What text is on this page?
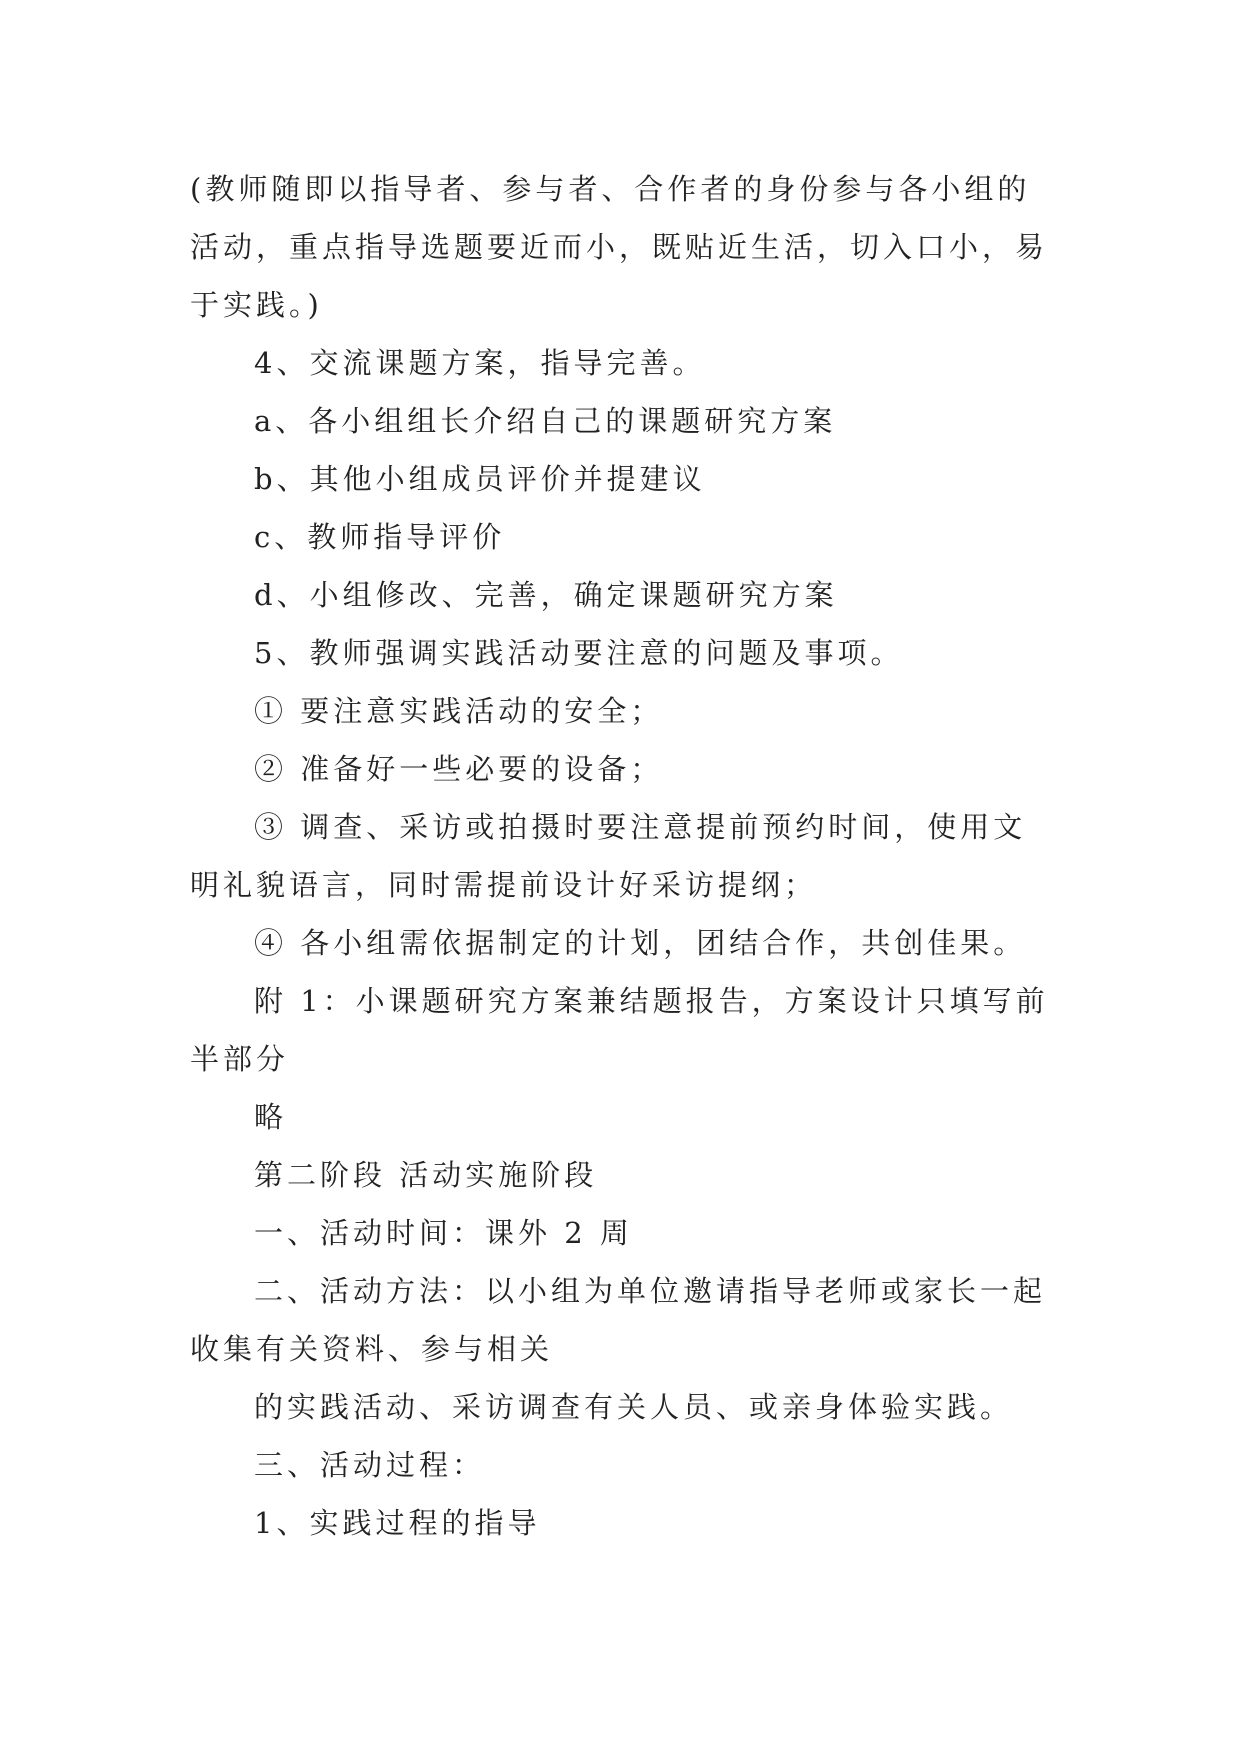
(教师随即以指导者、参与者、合作者的身份参与各小组的活动，重点指导选题要近而小，既贴近生活，切入口小，易于实践。)

4、交流课题方案，指导完善。

a、各小组组长介绍自己的课题研究方案

b、其他小组成员评价并提建议

c、教师指导评价

d、小组修改、完善，确定课题研究方案

5、教师强调实践活动要注意的问题及事项。

① 要注意实践活动的安全；

② 准备好一些必要的设备；

③ 调查、采访或拍摄时要注意提前预约时间，使用文明礼貌语言，同时需提前设计好采访提纲；

④ 各小组需依据制定的计划，团结合作，共创佳果。

附 1：小课题研究方案兼结题报告，方案设计只填写前半部分

略

第二阶段 活动实施阶段

一、活动时间：课外 2 周

二、活动方法：以小组为单位邀请指导老师或家长一起收集有关资料、参与相关

的实践活动、采访调查有关人员、或亲身体验实践。

三、活动过程：

1、实践过程的指导
